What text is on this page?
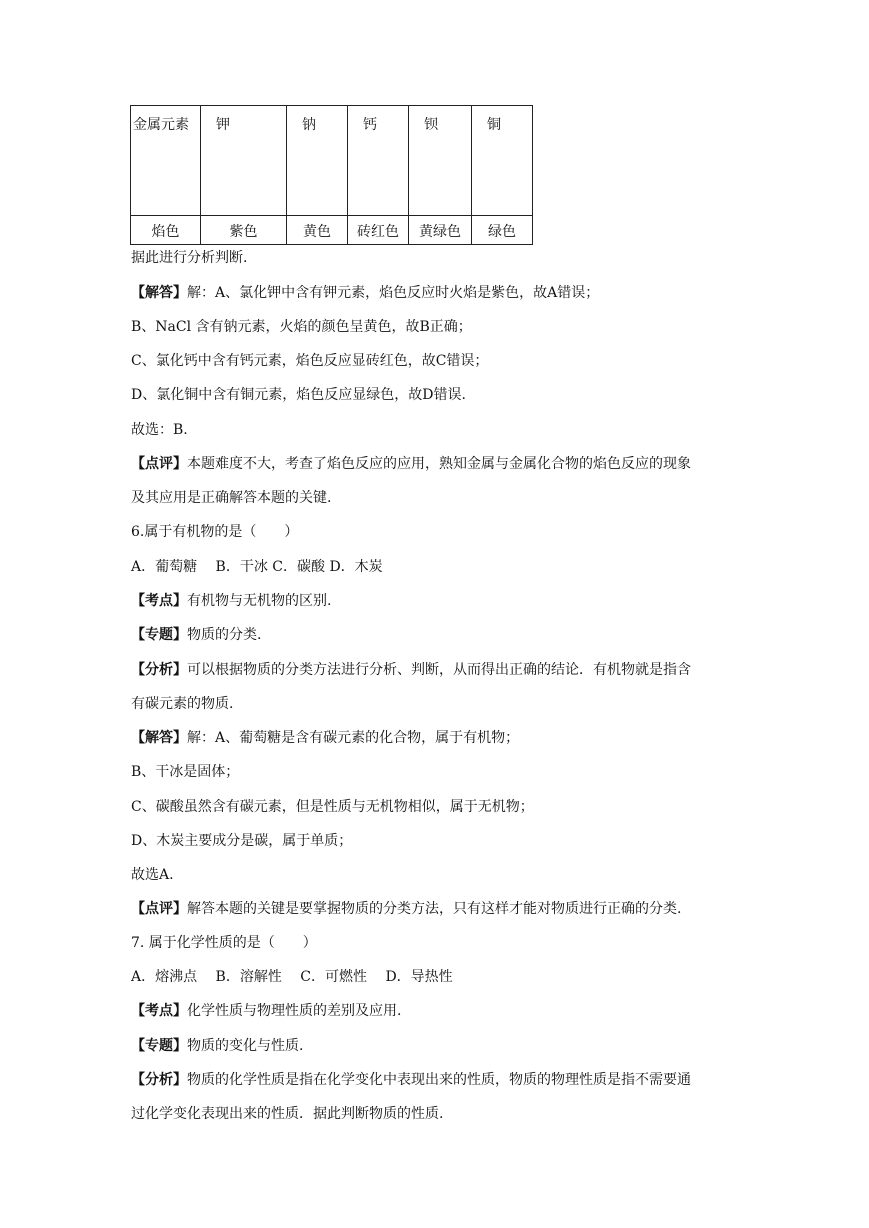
金属元素	钾	钠	钙	钡	铜
焰色	紫色	黄色	砖红色	黄绿色	绿色
据此进行分析判断.
【解答】解：A、氯化钾中含有钾元素，焰色反应时火焰是紫色，故A错误；
B、NaCl 含有钠元素，火焰的颜色呈黄色，故B正确；
C、氯化钙中含有钙元素，焰色反应显砖红色，故C错误；
D、氯化铜中含有铜元素，焰色反应显绿色，故D错误.
故选：B.
【点评】本题难度不大，考查了焰色反应的应用，熟知金属与金属化合物的焰色反应的现象
及其应用是正确解答本题的关键.
6.属于有机物的是（　　）
A．葡萄糖　 B．干冰 C．碳酸 D．木炭
【考点】有机物与无机物的区别.
【专题】物质的分类.
【分析】可以根据物质的分类方法进行分析、判断，从而得出正确的结论．有机物就是指含
有碳元素的物质.
【解答】解：A、葡萄糖是含有碳元素的化合物，属于有机物；
B、干冰是固体；
C、碳酸虽然含有碳元素，但是性质与无机物相似，属于无机物；
D、木炭主要成分是碳，属于单质；
故选A.
【点评】解答本题的关键是要掌握物质的分类方法，只有这样才能对物质进行正确的分类.
7. 属于化学性质的是（　　）
A．熔沸点　 B．溶解性　 C．可燃性　 D．导热性
【考点】化学性质与物理性质的差别及应用.
【专题】物质的变化与性质.
【分析】物质的化学性质是指在化学变化中表现出来的性质，物质的物理性质是指不需要通
过化学变化表现出来的性质．据此判断物质的性质.
